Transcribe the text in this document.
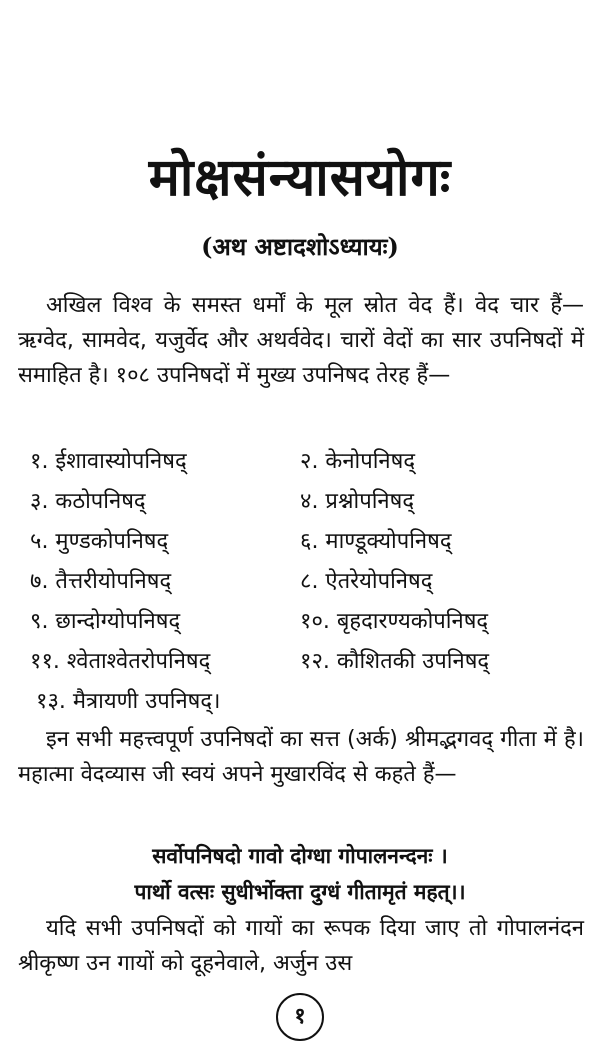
मोक्षसंन्यासयोगः
(अथ अष्टादशोऽध्यायः)
अखिल विश्व के समस्त धर्मों के मूल स्रोत वेद हैं। वेद चार हैं—ऋग्वेद, सामवेद, यजुर्वेद और अथर्ववेद। चारों वेदों का सार उपनिषदों में समाहित है। १०८ उपनिषदों में मुख्य उपनिषद तेरह हैं—
१. ईशावास्योपनिषद्	२. केनोपनिषद्
३. कठोपनिषद्	४. प्रश्नोपनिषद्
५. मुण्डकोपनिषद्	६. माण्डूक्योपनिषद्
७. तैत्तरीयोपनिषद्	८. ऐतरेयोपनिषद्
९. छान्दोग्योपनिषद्	१०. बृहदारण्यकोपनिषद्
११. श्वेताश्वेतरोपनिषद्	१२. कौशितकी उपनिषद्
१३. मैत्रायणी उपनिषद्।
इन सभी महत्त्वपूर्ण उपनिषदों का सत्त (अर्क) श्रीमद्भगवद् गीता में है। महात्मा वेदव्यास जी स्वयं अपने मुखारविंद से कहते हैं—
सर्वोपनिषदो गावो दोग्धा गोपालनन्दनः ।
पार्थो वत्सः सुधीर्भोक्ता दुग्धं गीतामृतं महत्।।
यदि सभी उपनिषदों को गायों का रूपक दिया जाए तो गोपालनंदन श्रीकृष्ण उन गायों को दूहनेवाले, अर्जुन उस
१
